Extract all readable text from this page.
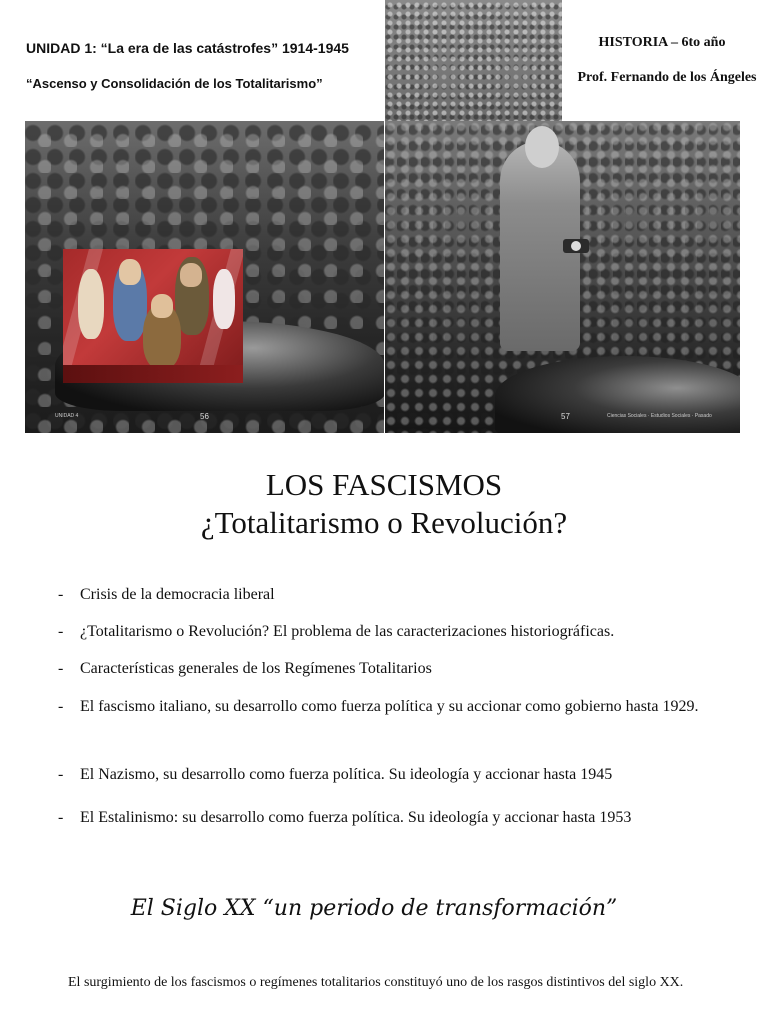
UNIDAD 1: “La era de las catástrofes” 1914-1945
“Ascenso y Consolidación de los Totalitarismo”
HISTORIA – 6to año
Prof. Fernando de los Ángeles
UNIDAD 4	56	57	Ciencias Sociales · Estudios Sociales · Pasado
LOS FASCISMOS
¿Totalitarismo o Revolución?
- Crisis de la democracia liberal
- ¿Totalitarismo o Revolución? El problema de las caracterizaciones historiográficas.
- Características generales de los Regímenes Totalitarios
- El fascismo italiano, su desarrollo como fuerza política y su accionar como gobierno hasta 1929.
- El Nazismo, su desarrollo como fuerza política. Su ideología y accionar hasta 1945
- El Estalinismo: su desarrollo como fuerza política. Su ideología y accionar hasta 1953
El Siglo XX “un periodo de transformación”
El surgimiento de los fascismos o regímenes totalitarios constituyó uno de los rasgos distintivos del siglo XX.
